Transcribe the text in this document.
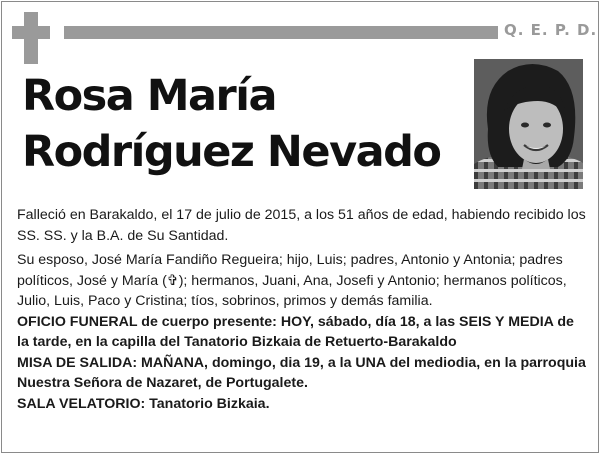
Q. E. P. D.
Rosa María
Rodríguez Nevado

Falleció en Barakaldo, el 17 de julio de 2015, a los 51 años de edad, habiendo recibido los SS. SS. y la B.A. de Su Santidad.

Su esposo, José María Fandiño Regueira; hijo, Luis; padres, Antonio y Antonia; padres políticos, José y María (✞); hermanos, Juani, Ana, Josefi y Antonio; hermanos políticos, Julio, Luis, Paco y Cristina; tíos, sobrinos, primos y demás familia.

OFICIO FUNERAL de cuerpo presente: HOY, sábado, día 18, a las SEIS Y MEDIA de la tarde, en la capilla del Tanatorio Bizkaia de Retuerto-Barakaldo

MISA DE SALIDA: MAÑANA, domingo, dia 19, a la UNA del mediodia, en la parroquia Nuestra Señora de Nazaret, de Portugalete.

SALA VELATORIO: Tanatorio Bizkaia.
